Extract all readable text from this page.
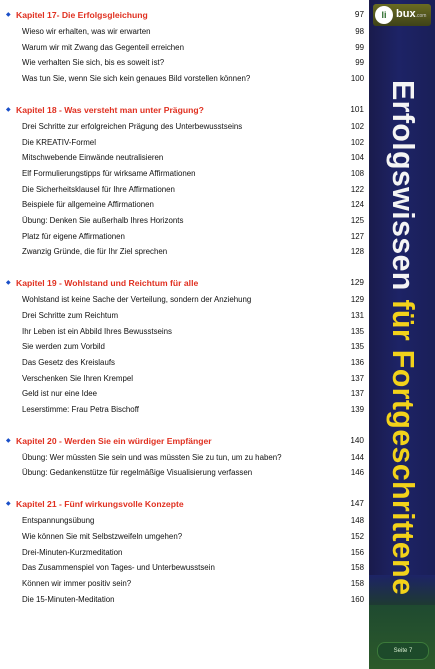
◆ Kapitel 17- Die Erfolgsgleichung	97
Wieso wir erhalten, was wir erwarten	98
Warum wir mit Zwang das Gegenteil erreichen	99
Wie verhalten Sie sich, bis es soweit ist?	99
Was tun Sie, wenn Sie sich kein genaues Bild vorstellen können?	100
◆ Kapitel 18 - Was versteht man unter Prägung?	101
Drei Schritte zur erfolgreichen Prägung des Unterbewusstseins	102
Die KREATIV-Formel	102
Mitschwebende Einwände neutralisieren	104
Elf Formulierungstipps für wirksame Affirmationen	108
Die Sicherheitsklausel für Ihre Affirmationen	122
Beispiele für allgemeine Affirmationen	124
Übung: Denken Sie außerhalb Ihres Horizonts	125
Platz für eigene Affirmationen	127
Zwanzig Gründe, die für Ihr Ziel sprechen	128
◆ Kapitel 19 - Wohlstand und Reichtum für alle	129
Wohlstand ist keine Sache der Verteilung, sondern der Anziehung	129
Drei Schritte zum Reichtum	131
Ihr Leben ist ein Abbild Ihres Bewusstseins	135
Sie werden zum Vorbild	135
Das Gesetz des Kreislaufs	136
Verschenken Sie Ihren Krempel	137
Geld ist nur eine Idee	137
Leserstimme: Frau Petra Bischoff	139
◆ Kapitel 20 - Werden Sie ein würdiger Empfänger	140
Übung: Wer müssten Sie sein und was müssten Sie zu tun, um zu haben?	144
Übung: Gedankenstütze für regelmäßige Visualisierung verfassen	146
◆ Kapitel 21 - Fünf wirkungsvolle Konzepte	147
Entspannungsübung	148
Wie können Sie mit Selbstzweifeln umgehen?	152
Drei-Minuten-Kurzmeditation	156
Das Zusammenspiel von Tages- und Unterbewusstsein	158
Können wir immer positiv sein?	158
Die 15-Minuten-Meditation	160
li bux.com
Erfolgswissen für Fortgeschrittene
Seite 7
